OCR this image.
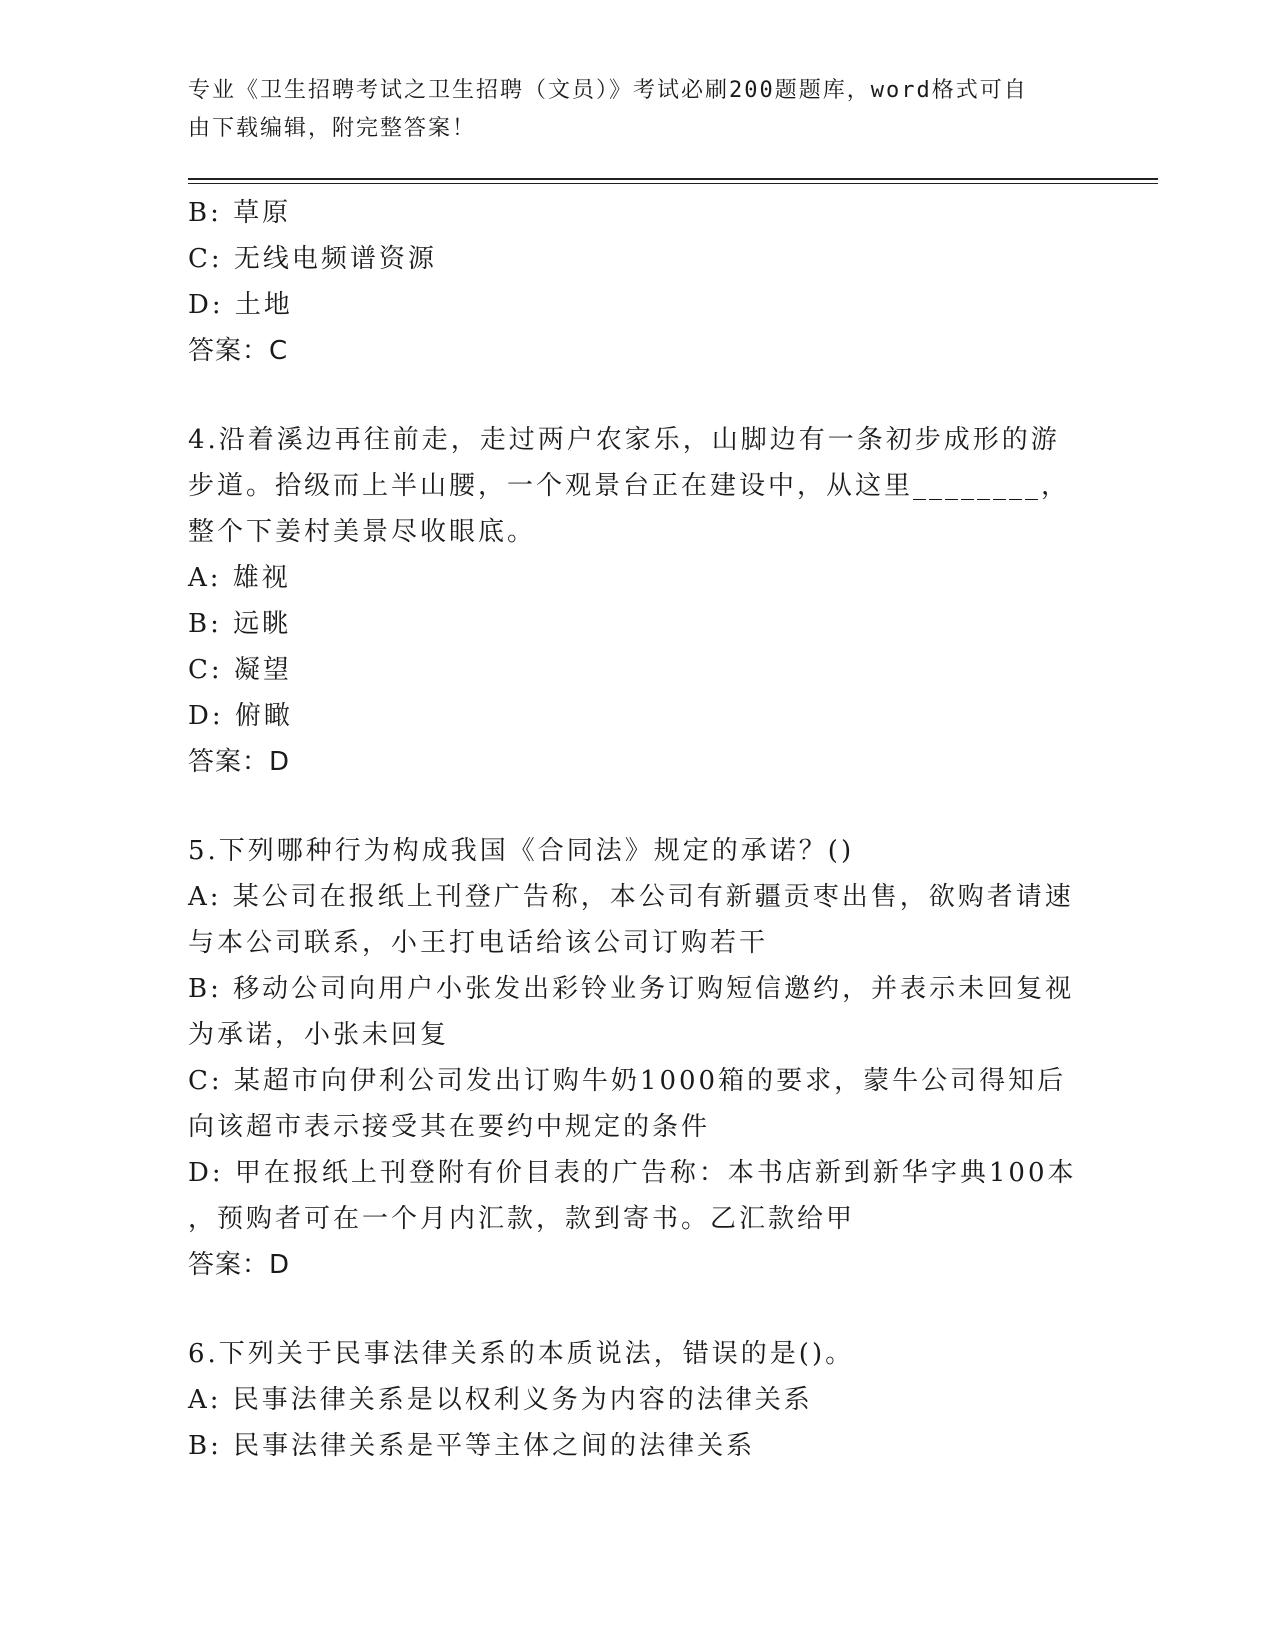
专业《卫生招聘考试之卫生招聘（文员）》考试必刷200题题库，word格式可自
由下载编辑，附完整答案！
B: 草原
C: 无线电频谱资源
D: 土地
答案：C
4.沿着溪边再往前走，走过两户农家乐，山脚边有一条初步成形的游
步道。拾级而上半山腰，一个观景台正在建设中，从这里________，
整个下姜村美景尽收眼底。
A: 雄视
B: 远眺
C: 凝望
D: 俯瞰
答案：D
5.下列哪种行为构成我国《合同法》规定的承诺？()
A: 某公司在报纸上刊登广告称，本公司有新疆贡枣出售，欲购者请速
与本公司联系，小王打电话给该公司订购若干
B: 移动公司向用户小张发出彩铃业务订购短信邀约，并表示未回复视
为承诺，小张未回复
C: 某超市向伊利公司发出订购牛奶1000箱的要求，蒙牛公司得知后
向该超市表示接受其在要约中规定的条件
D: 甲在报纸上刊登附有价目表的广告称：本书店新到新华字典100本
，预购者可在一个月内汇款，款到寄书。乙汇款给甲
答案：D
6.下列关于民事法律关系的本质说法，错误的是()。
A: 民事法律关系是以权利义务为内容的法律关系
B: 民事法律关系是平等主体之间的法律关系
